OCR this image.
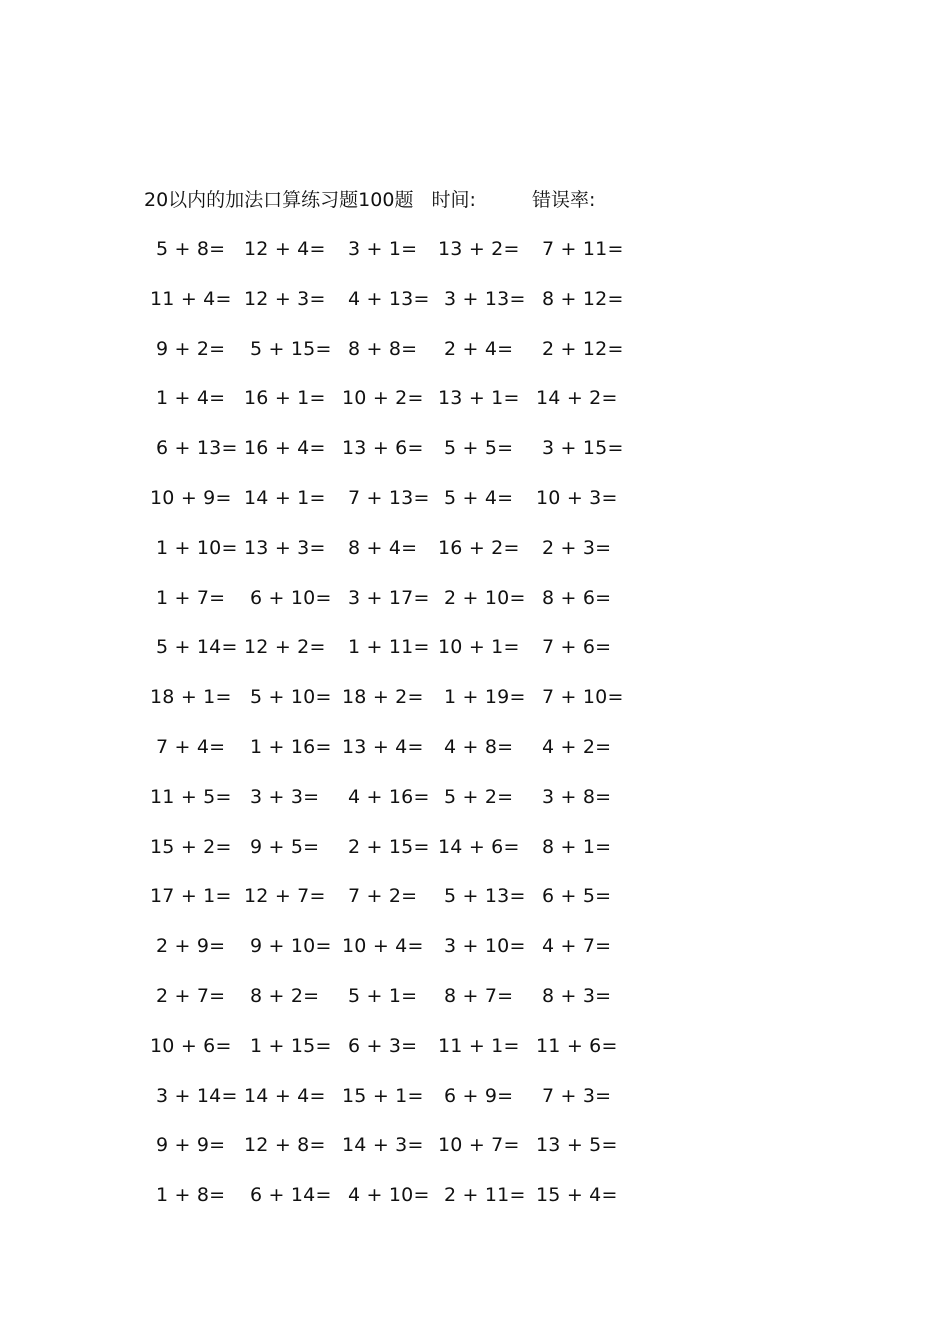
20以内的加法口算练习题100题 时间:	错误率:
5 + 8= 12 + 4= 3 + 1= 13 + 2= 7 + 11=
11 + 4= 12 + 3= 4 + 13= 3 + 13= 8 + 12=
9 + 2= 5 + 15= 8 + 8= 2 + 4= 2 + 12=
1 + 4= 16 + 1= 10 + 2= 13 + 1= 14 + 2=
6 + 13= 16 + 4= 13 + 6= 5 + 5= 3 + 15=
10 + 9= 14 + 1= 7 + 13= 5 + 4= 10 + 3=
1 + 10= 13 + 3= 8 + 4= 16 + 2= 2 + 3=
1 + 7= 6 + 10= 3 + 17= 2 + 10= 8 + 6=
5 + 14= 12 + 2= 1 + 11= 10 + 1= 7 + 6=
18 + 1= 5 + 10= 18 + 2= 1 + 19= 7 + 10=
7 + 4= 1 + 16= 13 + 4= 4 + 8= 4 + 2=
11 + 5= 3 + 3= 4 + 16= 5 + 2= 3 + 8=
15 + 2= 9 + 5= 2 + 15= 14 + 6= 8 + 1=
17 + 1= 12 + 7= 7 + 2= 5 + 13= 6 + 5=
2 + 9= 9 + 10= 10 + 4= 3 + 10= 4 + 7=
2 + 7= 8 + 2= 5 + 1= 8 + 7= 8 + 3=
10 + 6= 1 + 15= 6 + 3= 11 + 1= 11 + 6=
3 + 14= 14 + 4= 15 + 1= 6 + 9= 7 + 3=
9 + 9= 12 + 8= 14 + 3= 10 + 7= 13 + 5=
1 + 8= 6 + 14= 4 + 10= 2 + 11= 15 + 4=
